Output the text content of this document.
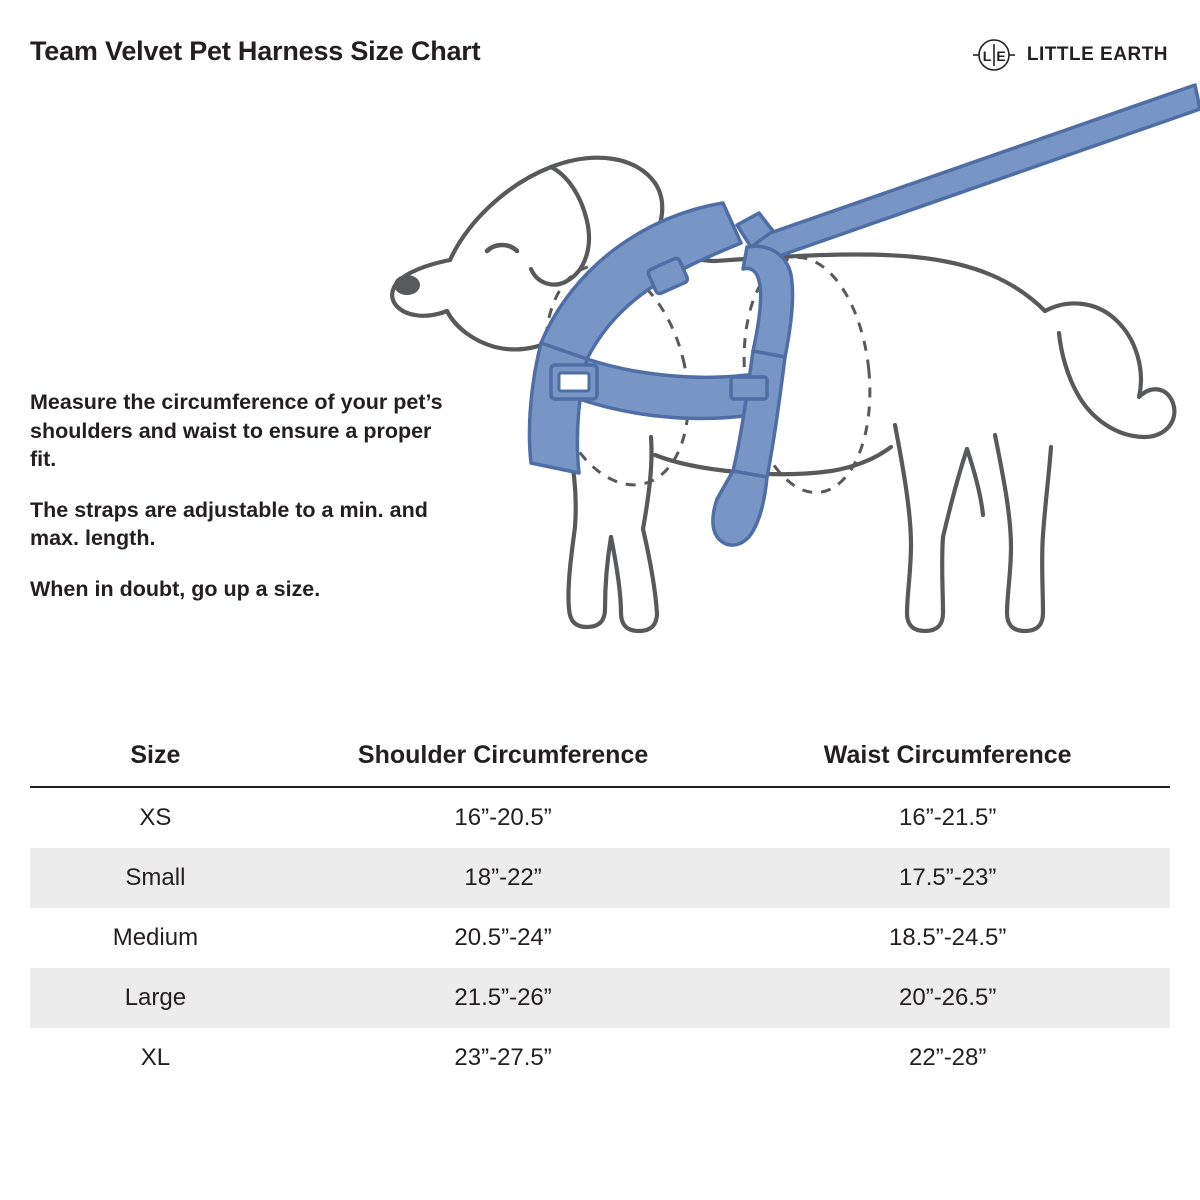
Team Velvet Pet Harness Size Chart	L E LITTLE EARTH

Measure the circumference of your pet’s shoulders and waist to ensure a proper fit.

The straps are adjustable to a min. and max. length.

When in doubt, go up a size.

Size	Shoulder Circumference	Waist Circumference
XS	16”-20.5”	16”-21.5”
Small	18”-22”	17.5”-23”
Medium	20.5”-24”	18.5”-24.5”
Large	21.5”-26”	20”-26.5”
XL	23”-27.5”	22”-28”
